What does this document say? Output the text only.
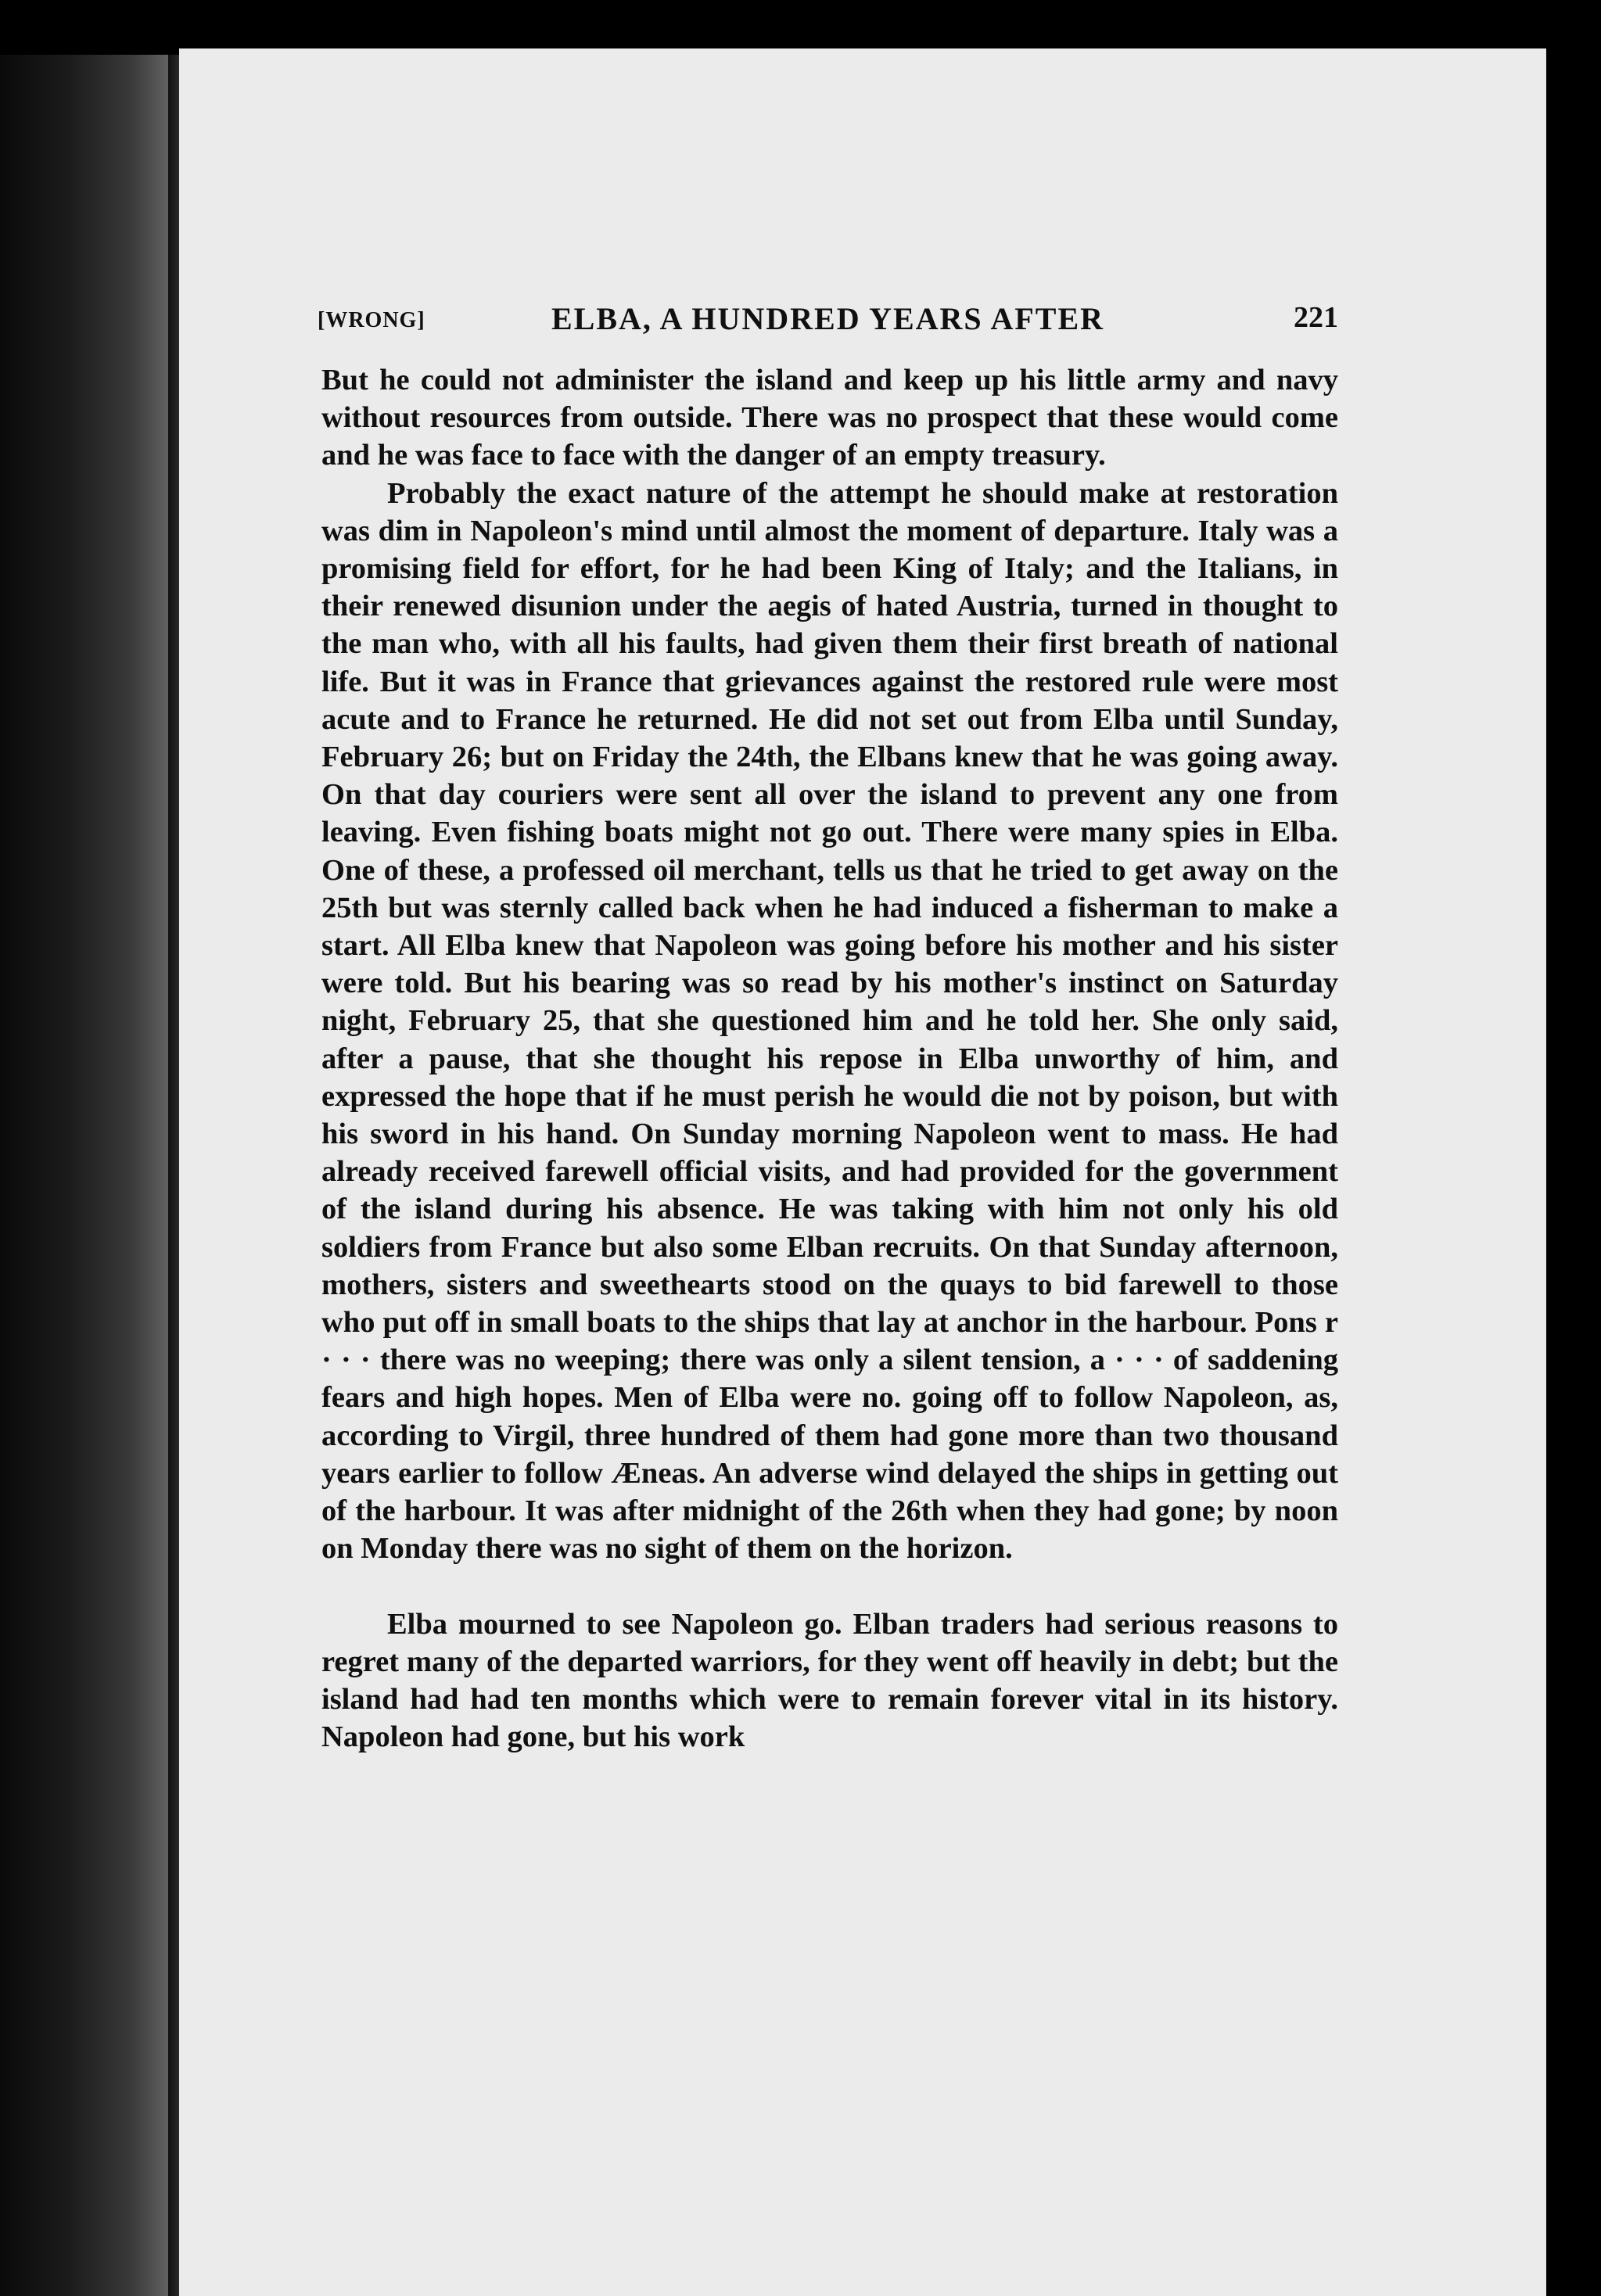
[WRONG]	ELBA, A HUNDRED YEARS AFTER	221

But he could not administer the island and keep up his little army and navy without resources from outside. There was no prospect that these would come and he was face to face with the danger of an empty treasury.

Probably the exact nature of the attempt he should make at restoration was dim in Napoleon's mind until almost the moment of departure. Italy was a promising field for effort, for he had been King of Italy; and the Italians, in their renewed disunion under the aegis of hated Austria, turned in thought to the man who, with all his faults, had given them their first breath of national life. But it was in France that grievances against the restored rule were most acute and to France he returned. He did not set out from Elba until Sunday, February 26; but on Friday the 24th, the Elbans knew that he was going away. On that day couriers were sent all over the island to prevent any one from leaving. Even fishing boats might not go out. There were many spies in Elba. One of these, a professed oil merchant, tells us that he tried to get away on the 25th but was sternly called back when he had induced a fisherman to make a start. All Elba knew that Napoleon was going before his mother and his sister were told. But his bearing was so read by his mother's instinct on Saturday night, February 25, that she questioned him and he told her. She only said, after a pause, that she thought his repose in Elba unworthy of him, and expressed the hope that if he must perish he would die not by poison, but with his sword in his hand. On Sunday morning Napoleon went to mass. He had already received farewell official visits, and had provided for the government of the island during his absence. He was taking with him not only his old soldiers from France but also some Elban recruits. On that Sunday afternoon, mothers, sisters and sweethearts stood on the quays to bid farewell to those who put off in small boats to the ships that lay at anchor in the harbour. Pons r · · · there was no weeping; there was only a silent tension, a · · · of saddening fears and high hopes. Men of Elba were no. going off to follow Napoleon, as, according to Virgil, three hundred of them had gone more than two thousand years earlier to follow Æneas. An adverse wind delayed the ships in getting out of the harbour. It was after midnight of the 26th when they had gone; by noon on Monday there was no sight of them on the horizon.

Elba mourned to see Napoleon go. Elban traders had serious reasons to regret many of the departed warriors, for they went off heavily in debt; but the island had had ten months which were to remain forever vital in its history. Napoleon had gone, but his work
